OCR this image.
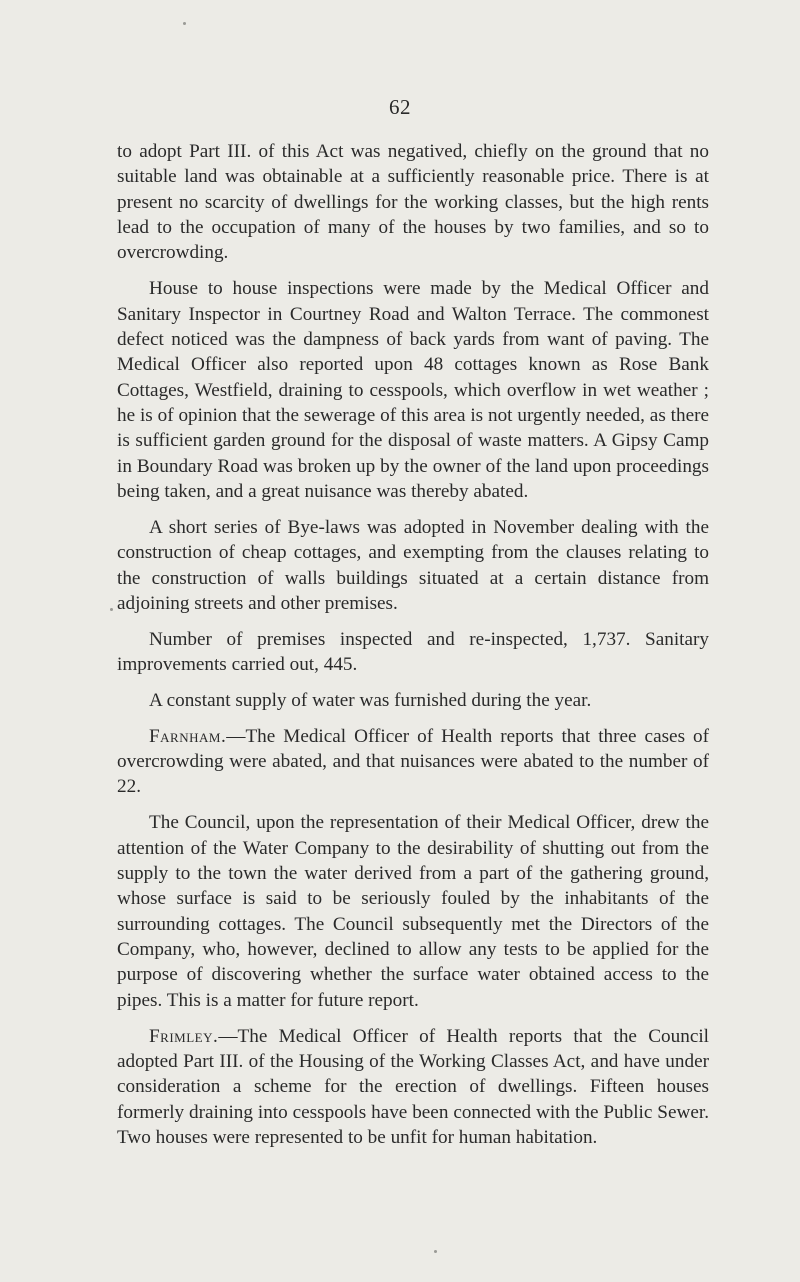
62

to adopt Part III. of this Act was negatived, chiefly on the ground that no suitable land was obtainable at a sufficiently reasonable price. There is at present no scarcity of dwellings for the working classes, but the high rents lead to the occupation of many of the houses by two families, and so to overcrowding.

House to house inspections were made by the Medical Officer and Sanitary Inspector in Courtney Road and Walton Terrace. The commonest defect noticed was the dampness of back yards from want of paving. The Medical Officer also reported upon 48 cottages known as Rose Bank Cottages, Westfield, draining to cesspools, which overflow in wet weather ; he is of opinion that the sewerage of this area is not urgently needed, as there is sufficient garden ground for the disposal of waste matters. A Gipsy Camp in Boundary Road was broken up by the owner of the land upon proceedings being taken, and a great nuisance was thereby abated.

A short series of Bye-laws was adopted in November dealing with the construction of cheap cottages, and exempting from the clauses relating to the construction of walls buildings situated at a certain distance from adjoining streets and other premises.

Number of premises inspected and re-inspected, 1,737. Sanitary improvements carried out, 445.

A constant supply of water was furnished during the year.

Farnham.—The Medical Officer of Health reports that three cases of overcrowding were abated, and that nuisances were abated to the number of 22.

The Council, upon the representation of their Medical Officer, drew the attention of the Water Company to the desirability of shutting out from the supply to the town the water derived from a part of the gathering ground, whose surface is said to be seriously fouled by the inhabitants of the surrounding cottages. The Council subsequently met the Directors of the Company, who, however, declined to allow any tests to be applied for the purpose of discovering whether the surface water obtained access to the pipes. This is a matter for future report.

Frimley.—The Medical Officer of Health reports that the Council adopted Part III. of the Housing of the Working Classes Act, and have under consideration a scheme for the erection of dwellings. Fifteen houses formerly draining into cesspools have been connected with the Public Sewer. Two houses were represented to be unfit for human habitation.
